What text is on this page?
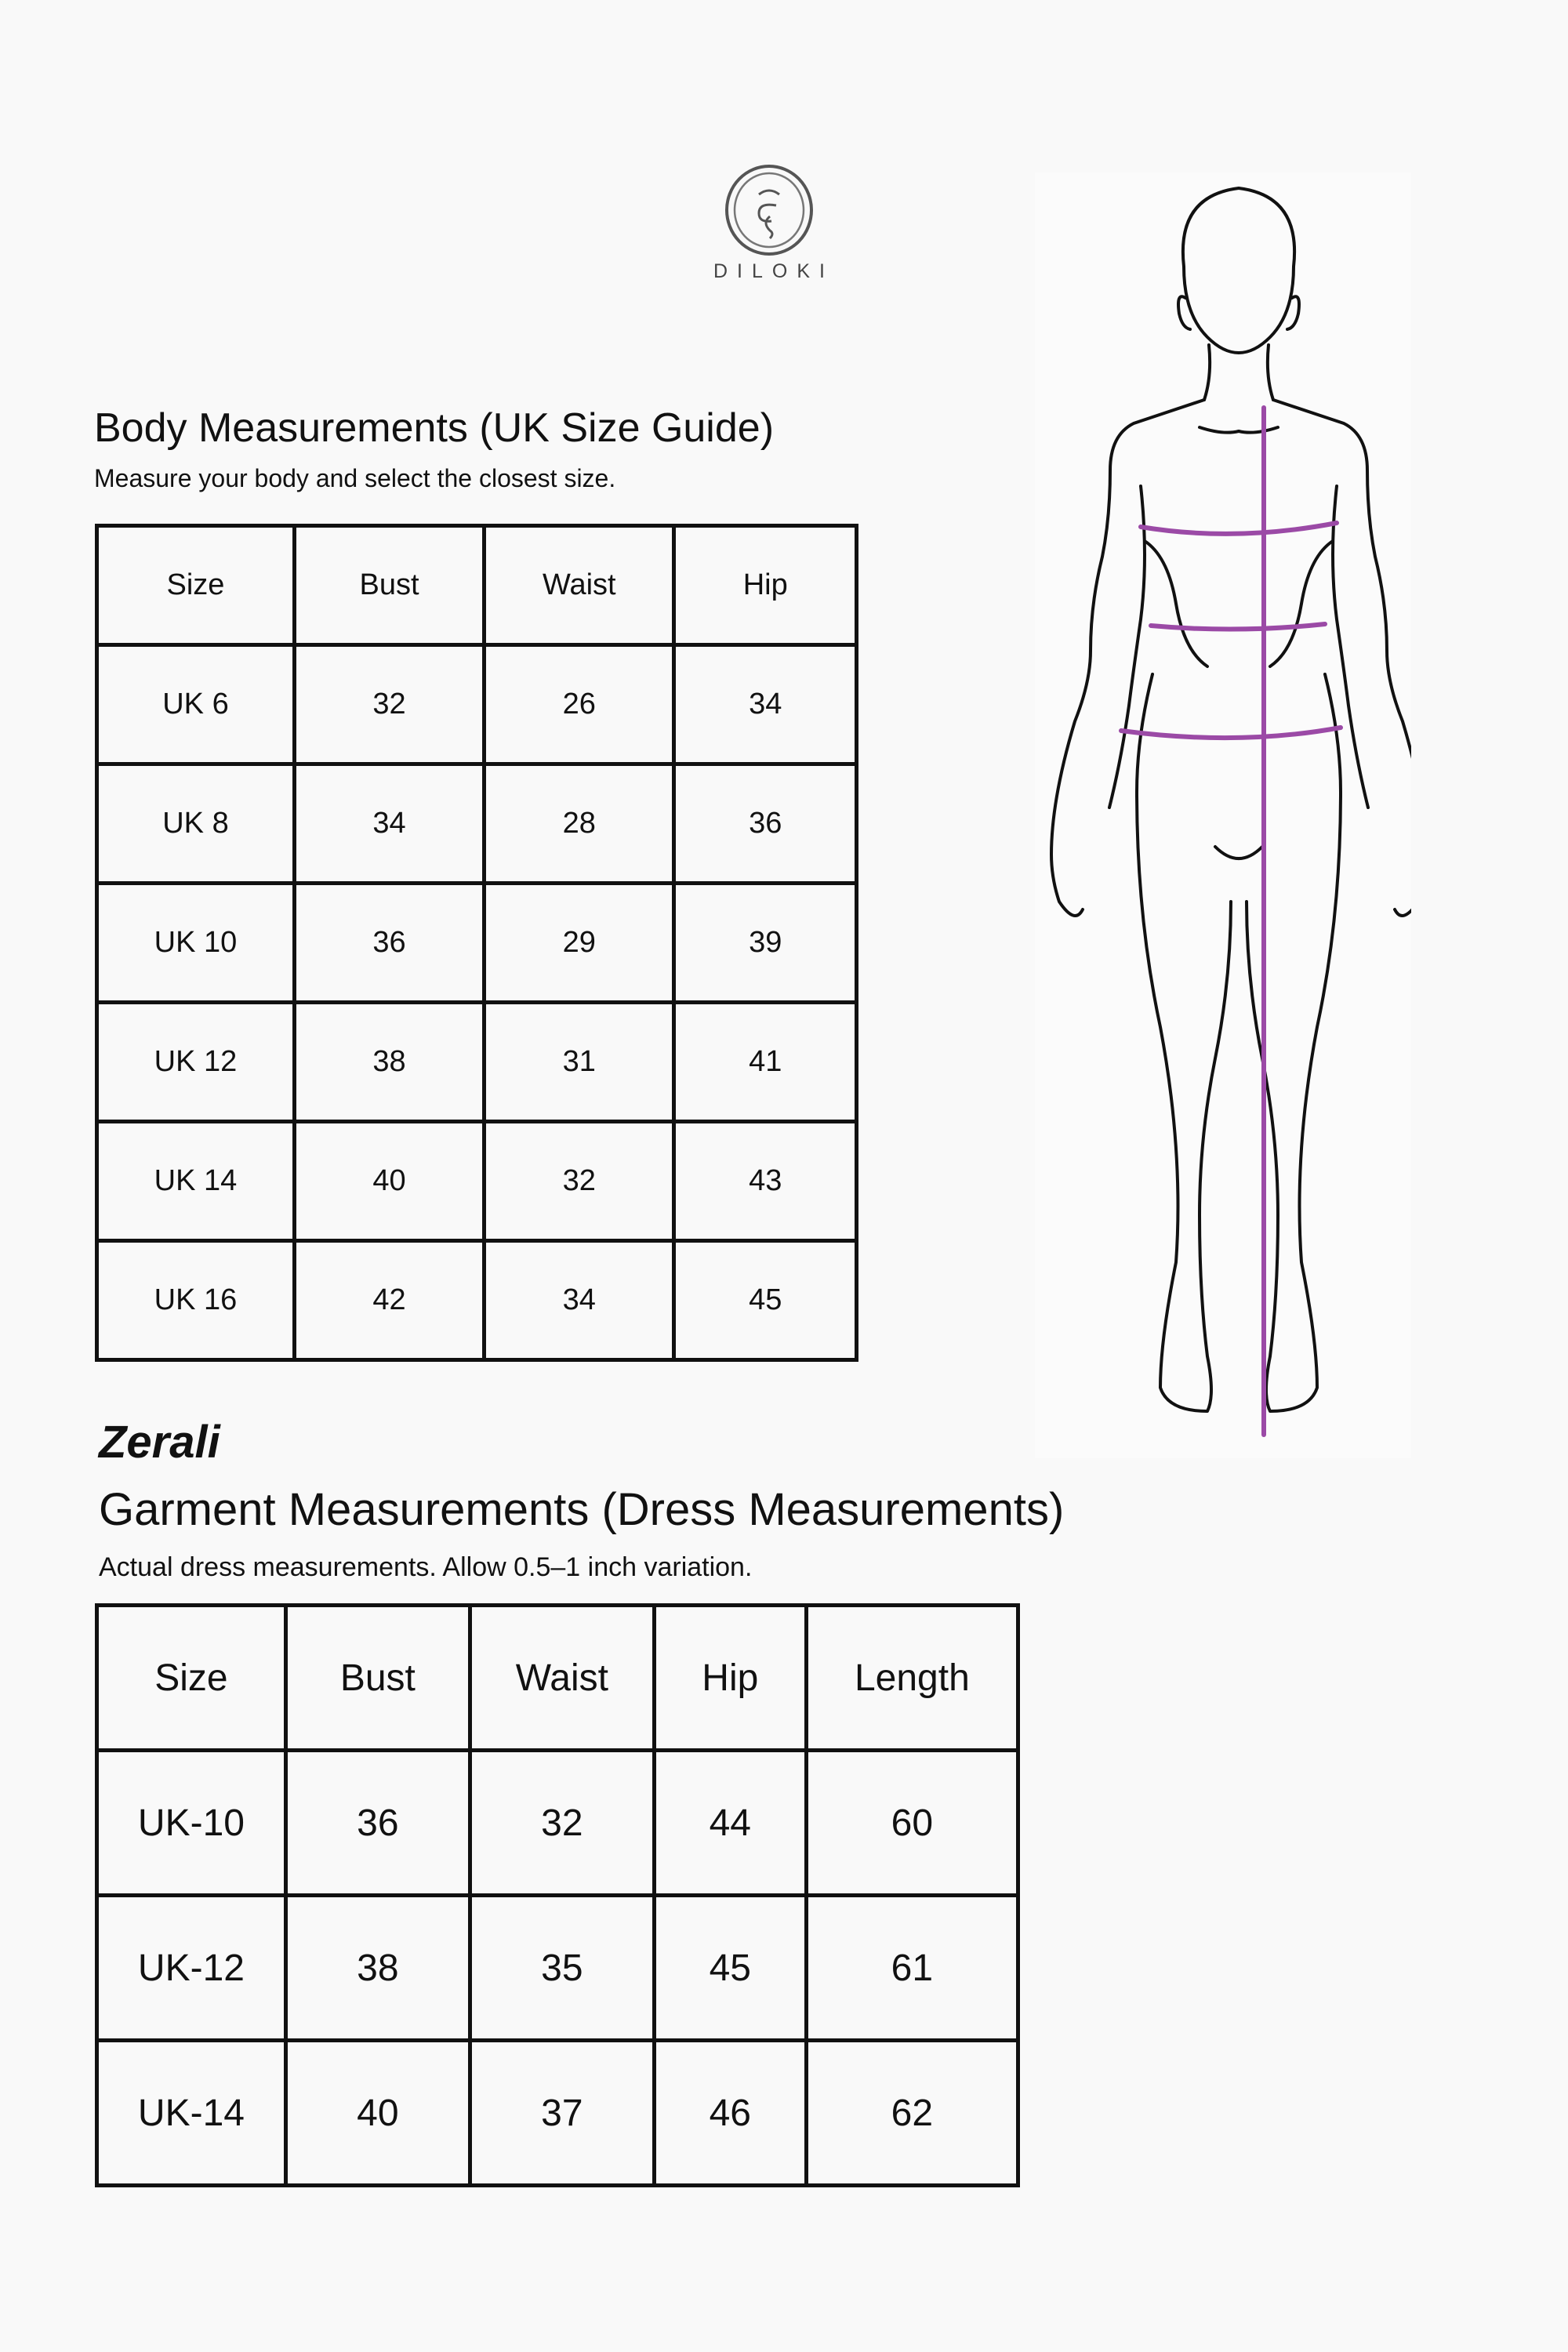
DILOKI
Body Measurements (UK Size Guide)
Measure your body and select the closest size.
Size	Bust	Waist	Hip
UK 6	32	26	34
UK 8	34	28	36
UK 10	36	29	39
UK 12	38	31	41
UK 14	40	32	43
UK 16	42	34	45
Zerali
Garment Measurements (Dress Measurements)
Actual dress measurements. Allow 0.5–1 inch variation.
Size	Bust	Waist	Hip	Length
UK-10	36	32	44	60
UK-12	38	35	45	61
UK-14	40	37	46	62
